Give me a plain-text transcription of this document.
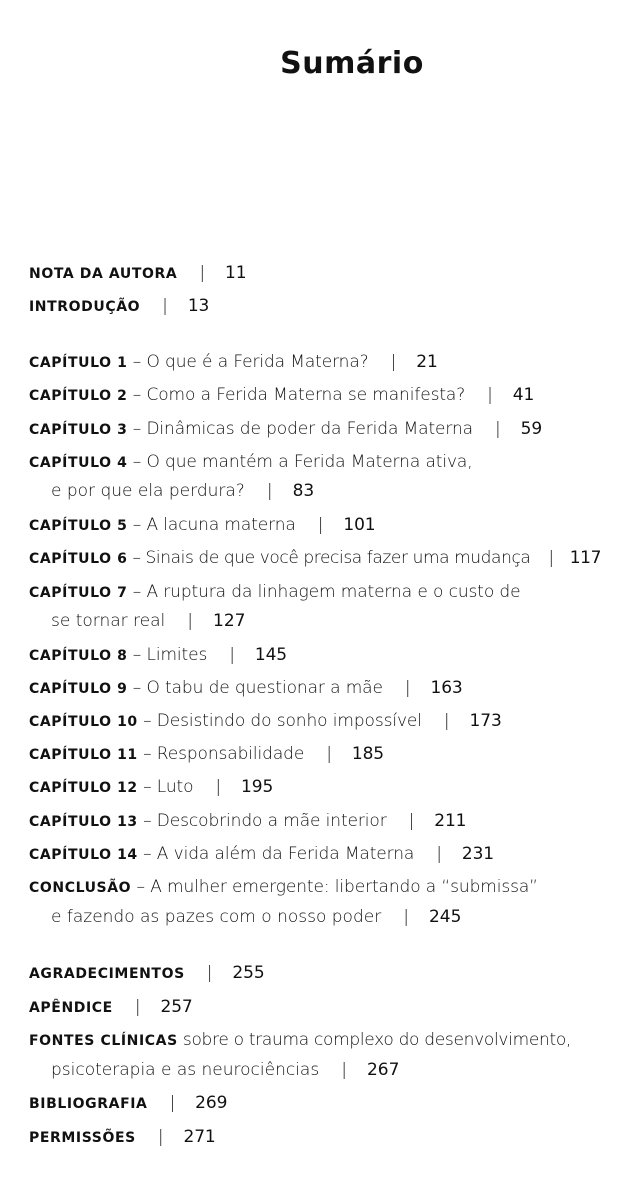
Sumário
NOTA DA AUTORA | 11
INTRODUÇÃO | 13
CAPÍTULO 1 – O que é a Ferida Materna? | 21
CAPÍTULO 2 – Como a Ferida Materna se manifesta? | 41
CAPÍTULO 3 – Dinâmicas de poder da Ferida Materna | 59
CAPÍTULO 4 – O que mantém a Ferida Materna ativa,
e por que ela perdura? | 83
CAPÍTULO 5 – A lacuna materna | 101
CAPÍTULO 6 – Sinais de que você precisa fazer uma mudança | 117
CAPÍTULO 7 – A ruptura da linhagem materna e o custo de
se tornar real | 127
CAPÍTULO 8 – Limites | 145
CAPÍTULO 9 – O tabu de questionar a mãe | 163
CAPÍTULO 10 – Desistindo do sonho impossível | 173
CAPÍTULO 11 – Responsabilidade | 185
CAPÍTULO 12 – Luto | 195
CAPÍTULO 13 – Descobrindo a mãe interior | 211
CAPÍTULO 14 – A vida além da Ferida Materna | 231
CONCLUSÃO – A mulher emergente: libertando a “submissa”
e fazendo as pazes com o nosso poder | 245
AGRADECIMENTOS | 255
APÊNDICE | 257
FONTES CLÍNICAS sobre o trauma complexo do desenvolvimento,
psicoterapia e as neurociências | 267
BIBLIOGRAFIA | 269
PERMISSÕES | 271
